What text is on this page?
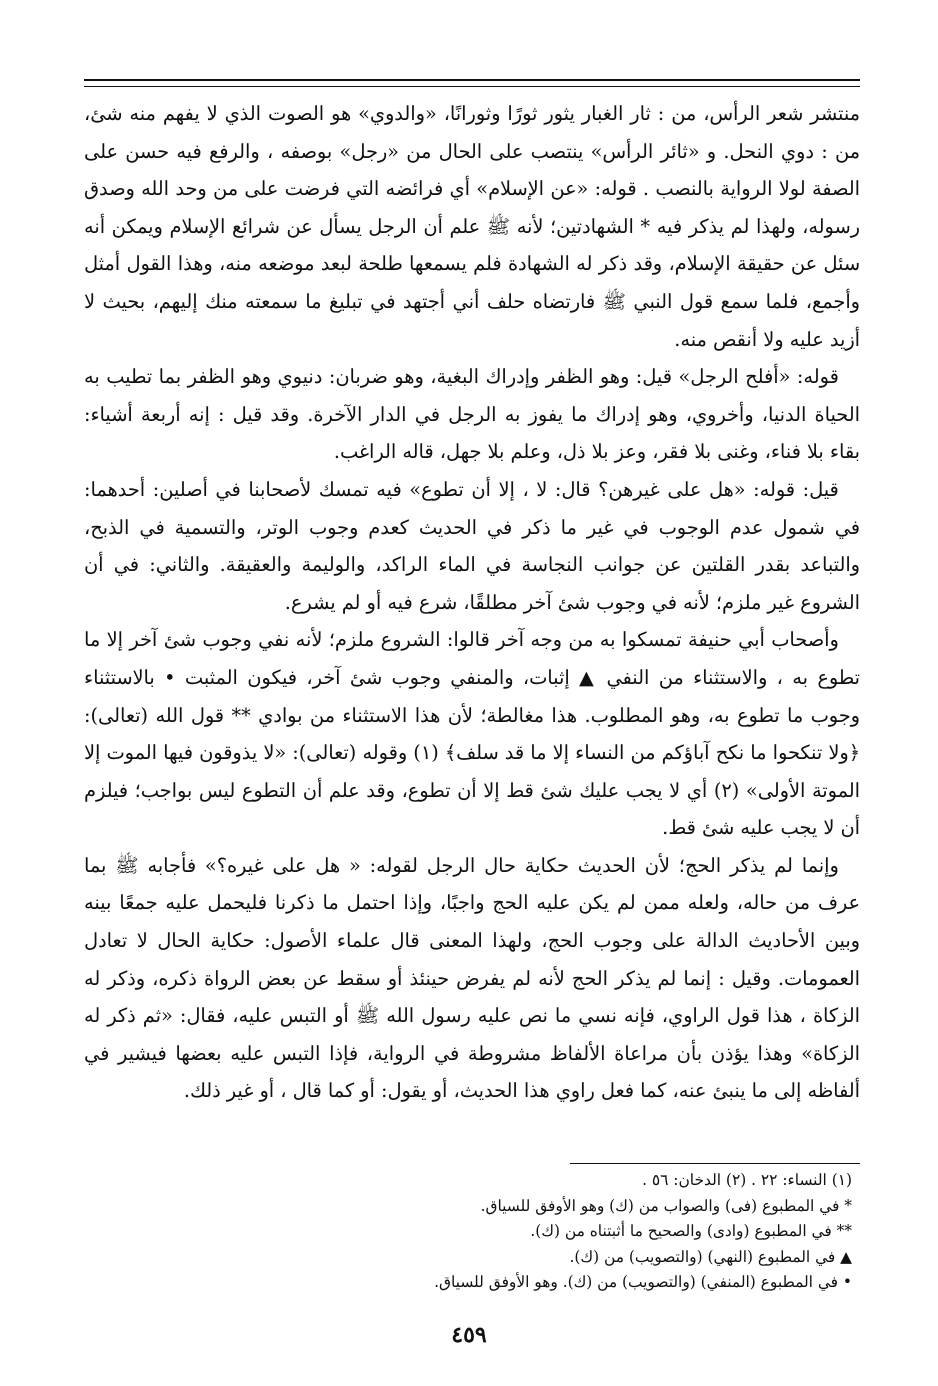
منتشر شعر الرأس، من : ثار الغبار يثور ثورًا وثورانًا، «والدوي» هو الصوت الذي لا يفهم منه شئ، من : دوي النحل. و «ثائر الرأس» ينتصب على الحال من «رجل» بوصفه ، والرفع فيه حسن على الصفة لولا الرواية بالنصب . قوله: «عن الإسلام» أي فرائضه التي فرضت على من وحد الله وصدق رسوله، ولهذا لم يذكر فيه * الشهادتين؛ لأنه ﷺ علم أن الرجل يسأل عن شرائع الإسلام ويمكن أنه سئل عن حقيقة الإسلام، وقد ذكر له الشهادة فلم يسمعها طلحة لبعد موضعه منه، وهذا القول أمثل وأجمع، فلما سمع قول النبي ﷺ فارتضاه حلف أني أجتهد في تبليغ ما سمعته منك إليهم، بحيث لا أزيد عليه ولا أنقص منه.

قوله: «أفلح الرجل» قيل: وهو الظفر وإدراك البغية، وهو ضربان: دنيوي وهو الظفر بما تطيب به الحياة الدنيا، وأخروي، وهو إدراك ما يفوز به الرجل في الدار الآخرة. وقد قيل : إنه أربعة أشياء: بقاء بلا فناء، وغنى بلا فقر، وعز بلا ذل، وعلم بلا جهل، قاله الراغب.

قيل: قوله: «هل على غيرهن؟ قال: لا ، إلا أن تطوع» فيه تمسك لأصحابنا في أصلين: أحدهما: في شمول عدم الوجوب في غير ما ذكر في الحديث كعدم وجوب الوتر، والتسمية في الذبح، والتباعد بقدر القلتين عن جوانب النجاسة في الماء الراكد، والوليمة والعقيقة. والثاني: في أن الشروع غير ملزم؛ لأنه في وجوب شئ آخر مطلقًا، شرع فيه أو لم يشرع.

وأصحاب أبي حنيفة تمسكوا به من وجه آخر قالوا: الشروع ملزم؛ لأنه نفي وجوب شئ آخر إلا ما تطوع به ، والاستثناء من النفي ▲ إثبات، والمنفي وجوب شئ آخر، فيكون المثبت • بالاستثناء وجوب ما تطوع به، وهو المطلوب. هذا مغالطة؛ لأن هذا الاستثناء من بوادي ** قول الله (تعالى): ﴿ولا تنكحوا ما نكح آباؤكم من النساء إلا ما قد سلف﴾ (١) وقوله (تعالى): «لا يذوقون فيها الموت إلا الموتة الأولى» (٢) أي لا يجب عليك شئ قط إلا أن تطوع، وقد علم أن التطوع ليس بواجب؛ فيلزم أن لا يجب عليه شئ قط.

وإنما لم يذكر الحج؛ لأن الحديث حكاية حال الرجل لقوله: « هل على غيره؟» فأجابه ﷺ بما عرف من حاله، ولعله ممن لم يكن عليه الحج واجبًا، وإذا احتمل ما ذكرنا فليحمل عليه جمعًا بينه وبين الأحاديث الدالة على وجوب الحج، ولهذا المعنى قال علماء الأصول: حكاية الحال لا تعادل العمومات. وقيل : إنما لم يذكر الحج لأنه لم يفرض حينئذ أو سقط عن بعض الرواة ذكره، وذكر له الزكاة ، هذا قول الراوي، فإنه نسي ما نص عليه رسول الله ﷺ أو التبس عليه، فقال: «ثم ذكر له الزكاة» وهذا يؤذن بأن مراعاة الألفاظ مشروطة في الرواية، فإذا التبس عليه بعضها فيشير في ألفاظه إلى ما ينبئ عنه، كما فعل راوي هذا الحديث، أو يقول: أو كما قال ، أو غير ذلك.

(١) النساء: ٢٢ . (٢) الدخان: ٥٦ .

* في المطبوع (فى) والصواب من (ك) وهو الأوفق للسياق.

** في المطبوع (وادى) والصحيح ما أثبتناه من (ك).

▲ في المطبوع (النهي) (والتصويب) من (ك).

• في المطبوع (المنفي) (والتصويب) من (ك). وهو الأوفق للسياق.

٤٥٩
